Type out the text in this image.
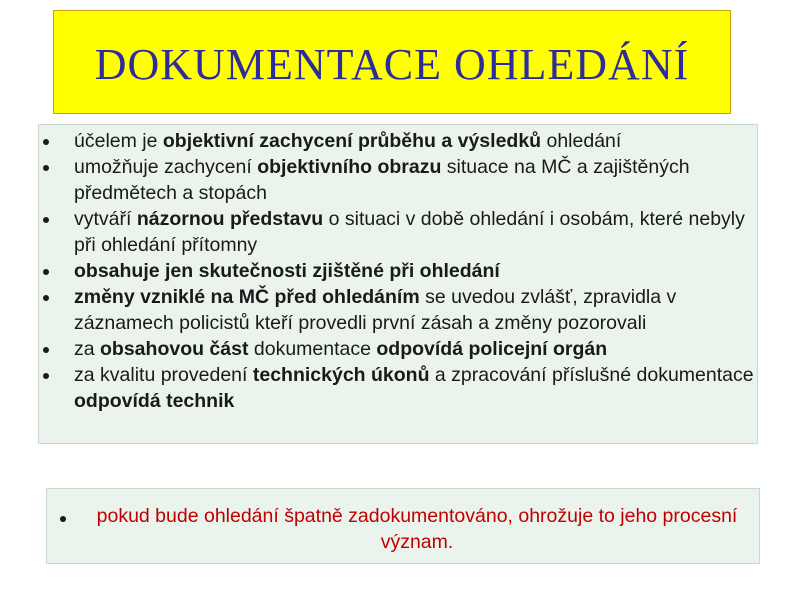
DOKUMENTACE OHLEDÁNÍ
účelem je objektivní zachycení průběhu a výsledků ohledání
umožňuje zachycení objektivního obrazu situace na MČ a zajištěných předmětech a stopách
vytváří názornou představu o situaci v době ohledání i osobám, které nebyly při ohledání přítomny
obsahuje jen skutečnosti zjištěné při ohledání
změny vzniklé na MČ před ohledáním se uvedou zvlášť, zpravidla v záznamech policistů kteří provedli první zásah a změny pozorovali
za obsahovou část dokumentace odpovídá policejní orgán
za kvalitu provedení technických úkonů a zpracování příslušné dokumentace odpovídá technik
pokud bude ohledání špatně zadokumentováno, ohrožuje to jeho procesní význam.
